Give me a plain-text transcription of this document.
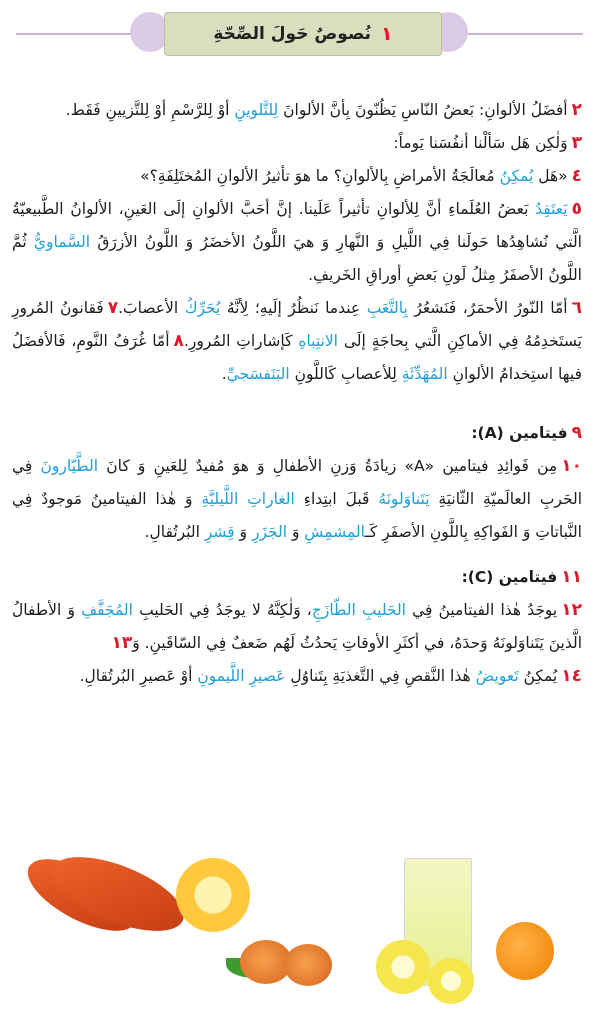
١
نُصوصٌ حَولَ الصِّحّةِ
٢أفضَلُ الألوانِ: بَعضُ النّاسِ يَظُنّونَ بِأنَّ الألوانَ لِلتَّلوينِ أوْ لِلرَّسْمِ أوْ لِلتَّزيينِ فَقَط.
٣وَلٰكِن هَل سَألْنا أنفُسَنا يَوماً:
٤«هَل يُمكِنُ مُعالَجَةُ الأمراضِ بِالألوانِ؟ ما هوَ تأثيرُ الألوانِ المُختَلِفَةِ؟»
٥يَعتَقِدُ بَعضُ العُلَماءِ أنَّ لِلألوانِ تأثيراً عَلَينا. إنَّ أحَبَّ الألوانِ إلَى العَينِ، الألوانُ الطَّبيعيّةُ الَّتي نُشاهِدُها حَولَنا فِي اللَّيلِ وَ النَّهارِ وَ هيَ اللَّونُ الأخضَرُ وَ اللَّونُ الأزرَقُ السَّماويُّ ثُمَّ اللَّونُ الأصفَرُ مِثلُ لَونِ بَعضِ أوراقِ الخَريفِ.
٦أمّا النّورُ الأحمَرُ، فَنَشعُرُ بِالتَّعَبِ عِندما نَنظُرُ إلَيهِ؛ لِأنَّهُ يُحَرِّكُ الأعصابَ.٧فَقانونُ المُرورِ يَستَخدِمُهُ فِي الأماكِنِ الَّتي بِحاجَةٍ إلَى الانتِباهِ كَإشاراتِ المُرورِ.٨أمّا غُرَفُ النَّومِ، فَالأفضَلُ فيها استِخدامُ الألوانِ المُهَدِّئَةِ لِلأعصابِ كَاللَّونِ البَنَفسَجيِّ.
٩فيتامين (A):
١٠مِن فَوائِدِ فيتامين «A» زيادَةُ وَزنِ الأطفالِ وَ هوَ مُفيدٌ لِلعَينِ وَ كانَ الطَّيّارونَ فِي الحَربِ العالَميّةِ الثّانيَةِ يَتَناوَلونَهُ قَبلَ ابتِداءِ الغاراتِ اللَّيليَّةِ وَ هٰذا الفيتامينُ مَوجودٌ فِي النَّباتاتِ وَ الفَواكِهِ بِاللَّونِ الأصفَرِ كَـالمِشمِشِ وَ الجَزَرِ وَ قِشرِ البُرتُقالِ.
١١فيتامين (C):
١٢يوجَدُ هٰذا الفيتامينُ فِي الحَليبِ الطّازَجِ، وَلٰكِنَّهُ لا يوجَدُ فِي الحَليبِ المُجَفَّفِ وَ الأطفالُ الَّذينَ يَتَناوَلونَهُ وَحدَهُ، في أكثَرِ الأوقاتِ يَحدُثُ لَهُم ضَعفٌ فِي السّاقَينِ. وَ١٣
١٤يُمكِنُ تَعويضُ هٰذا النَّقصِ فِي التَّغذيَةِ بِتَناوُلِ عَصيرِ اللَّيمونِ أوْ عَصيرِ البُرتُقالِ.
